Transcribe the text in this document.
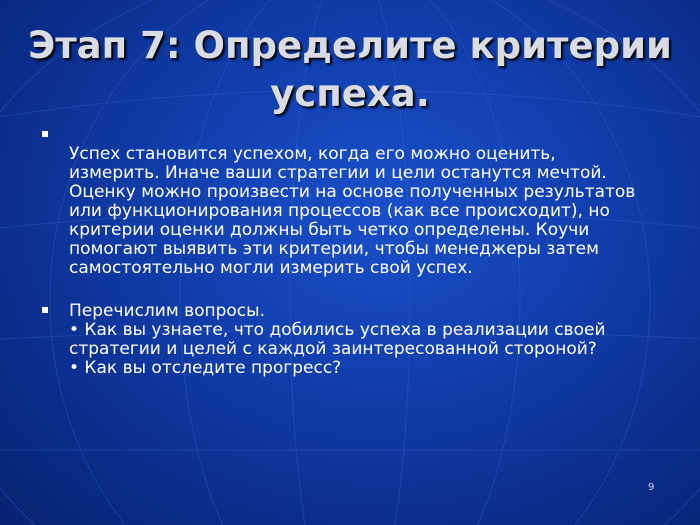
Этап 7: Определите критерии
успеха.

Успех становится успехом, когда его можно оценить,
измерить. Иначе ваши стратегии и цели останутся мечтой.
Оценку можно произвести на основе полученных результатов
или функционирования процессов (как все происходит), но
критерии оценки должны быть четко определены. Коучи
помогают выявить эти критерии, чтобы менеджеры затем
самостоятельно могли измерить свой успех.
Перечислим вопросы.
• Как вы узнаете, что добились успеха в реализации своей
стратегии и целей с каждой заинтересованной стороной?
• Как вы отследите прогресс?
9
